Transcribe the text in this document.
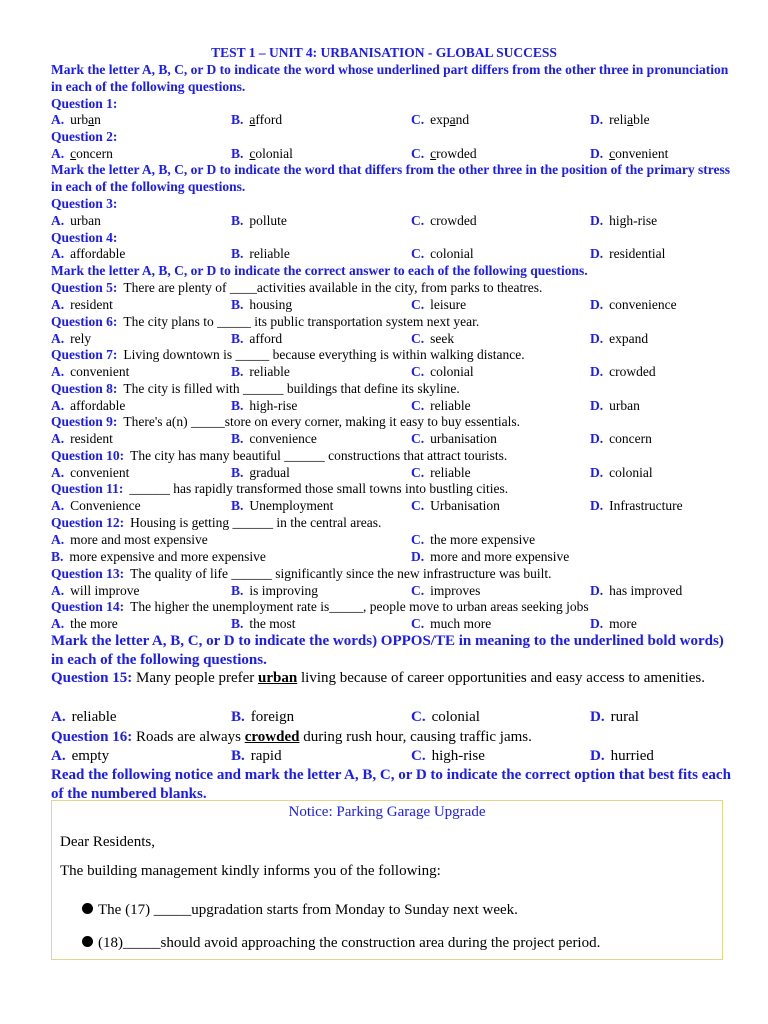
TEST 1 – UNIT 4: URBANISATION - GLOBAL SUCCESS
Mark the letter A, B, C, or D to indicate the word whose underlined part differs from the other three in pronunciation in each of the following questions.
Question 1:
A. urban	B. afford	C. expand	D. reliable
Question 2:
A. concern	B. colonial	C. crowded	D. convenient
Mark the letter A, B, C, or D to indicate the word that differs from the other three in the position of the primary stress in each of the following questions.
Question 3:
A. urban	B. pollute	C. crowded	D. high-rise
Question 4:
A. affordable	B. reliable	C. colonial	D. residential
Mark the letter A, B, C, or D to indicate the correct answer to each of the following questions.
Question 5: There are plenty of ____activities available in the city, from parks to theatres.
A. resident	B. housing	C. leisure	D. convenience
Question 6: The city plans to _____ its public transportation system next year.
A. rely	B. afford	C. seek	D. expand
Question 7: Living downtown is _____ because everything is within walking distance.
A. convenient	B. reliable	C. colonial	D. crowded
Question 8: The city is filled with ______ buildings that define its skyline.
A. affordable	B. high-rise	C. reliable	D. urban
Question 9: There's a(n) _____store on every corner, making it easy to buy essentials.
A. resident	B. convenience	C. urbanisation	D. concern
Question 10: The city has many beautiful ______ constructions that attract tourists.
A. convenient	B. gradual	C. reliable	D. colonial
Question 11: ______ has rapidly transformed those small towns into bustling cities.
A. Convenience	B. Unemployment	C. Urbanisation	D. Infrastructure
Question 12: Housing is getting ______ in the central areas.
A. more and most expensive	C. the more expensive
B. more expensive and more expensive	D. more and more expensive
Question 13: The quality of life ______ significantly since the new infrastructure was built.
A. will improve	B. is improving	C. improves	D. has improved
Question 14: The higher the unemployment rate is_____, people move to urban areas seeking jobs
A. the more	B. the most	C. much more	D. more
Mark the letter A, B, C, or D to indicate the words) OPPOS/TE in meaning to the underlined bold words) in each of the following questions.
Question 15: Many people prefer urban living because of career opportunities and easy access to amenities.
A. reliable	B. foreign	C. colonial	D. rural
Question 16: Roads are always crowded during rush hour, causing traffic jams.
A. empty	B. rapid	C. high-rise	D. hurried
Read the following notice and mark the letter A, B, C, or D to indicate the correct option that best fits each of the numbered blanks.
Notice: Parking Garage Upgrade
Dear Residents,
The building management kindly informs you of the following:
The (17) _____upgradation starts from Monday to Sunday next week.
(18)_____should avoid approaching the construction area during the project period.
